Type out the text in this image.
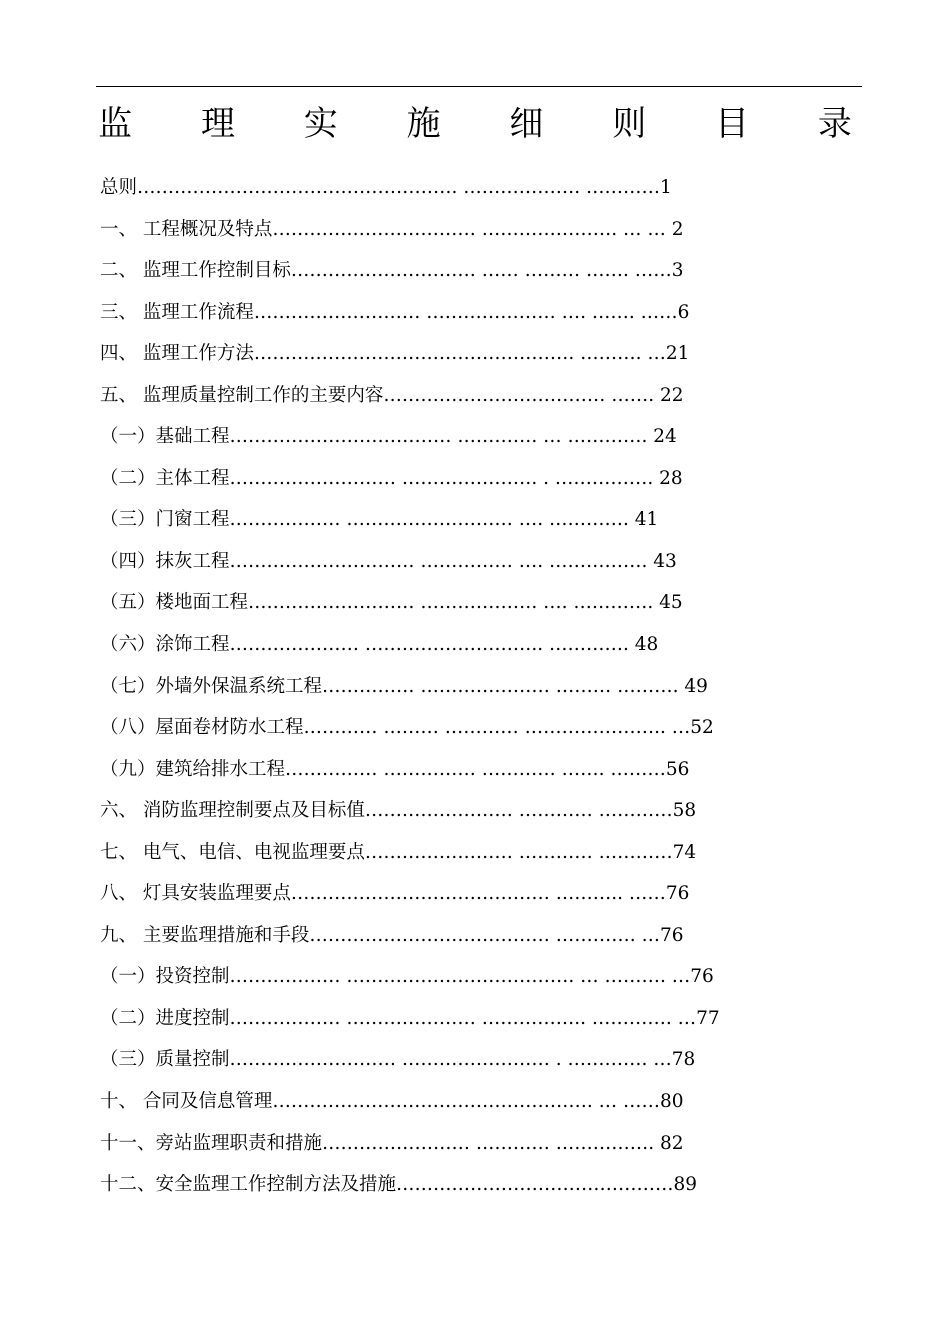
监 理 实 施 细 则 目 录
总则……………………………………………. ………………. …………1
一、 工程概况及特点…………………………… …………………. … … 2
二、 监理工作控制目标………………………… …… ……… ……. ……3
三、 监理工作流程……………………… ………………… …. ……. ……6
四、 监理工作方法……………………………………………. ………. …21
五、 监理质量控制工作的主要内容……………………………… ……. 22
（一）基础工程……………………………… …………. … …………. 24
（二）主体工程……………………… …………………. . ……………. 28
（三）门窗工程……………… ……………………… …. …………. 41
（四）抹灰工程………………………… …………… …. ……………. 43
（五）楼地面工程……………………… ………………. …. …………. 45
（六）涂饰工程………………… ……………………….. …………. 48
（七）外墙外保温系统工程…………… ………………… ……… ………. 49
（八）屋面卷材防水工程………… ……… ………… ………………….. …52
（九）建筑给排水工程…………… …………… ………… ……. ………56
六、 消防监理控制要点及目标值…………………… ………… …………58
七、 电气、电信、电视监理要点…………………… ………… …………74
八、 灯具安装监理要点…………………………………… ……….. ……76
九、 主要监理措施和手段………………………………… …………. …76
（一）投资控制……………… ………………………………. … ………. …76
（二）进度控制……………… ………………… …………….. …………. …77
（三）质量控制……………………… …………………… . …………. …78
十、 合同及信息管理……………………………………………. … ……80
十一、旁站监理职责和措施…………………… ………… ……………. 82
十二、安全监理工作控制方法及措施………………………………………89
